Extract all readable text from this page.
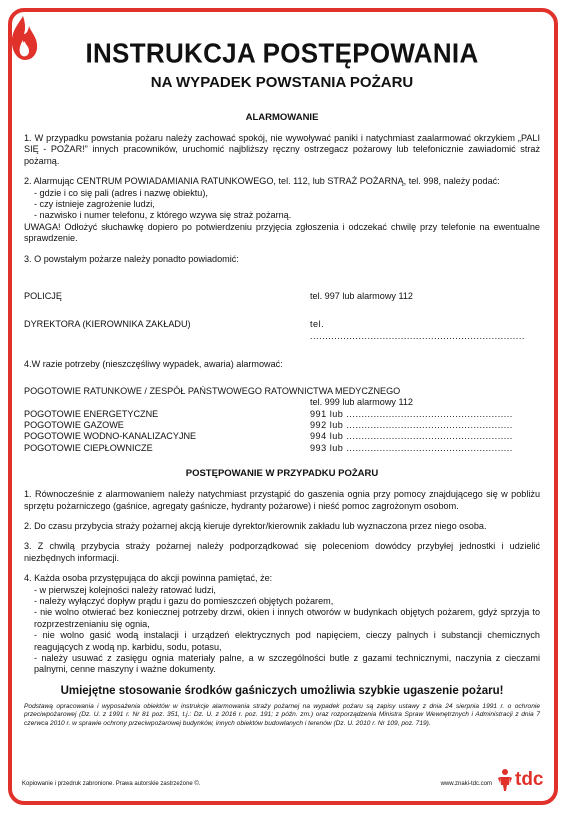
INSTRUKCJA POSTĘPOWANIA
NA WYPADEK POWSTANIA POŻARU
ALARMOWANIE

1. W przypadku powstania pożaru należy zachować spokój, nie wywoływać paniki i natychmiast zaalarmować okrzykiem „PALI SIĘ - POŻAR!” innych pracowników, uruchomić najbliższy ręczny ostrzegacz pożarowy lub telefonicznie zawiadomić straż pożarną.

2. Alarmując CENTRUM POWIADAMIANIA RATUNKOWEGO, tel. 112, lub STRAŻ POŻARNĄ, tel. 998, należy podać:

- gdzie i co się pali (adres i nazwę obiektu),

- czy istnieje zagrożenie ludzi,

- nazwisko i numer telefonu, z którego wzywa się straż pożarną.

UWAGA! Odłożyć słuchawkę dopiero po potwierdzeniu przyjęcia zgłoszenia i odczekać chwilę przy telefonie na ewentualne sprawdzenie.

3. O powstałym pożarze należy ponadto powiadomić:

POLICJĘ	tel. 997 lub alarmowy 112
DYREKTORA (KIEROWNIKA ZAKŁADU)	tel. .......................................................................

4.W razie potrzeby (nieszczęśliwy wypadek, awaria) alarmować:

POGOTOWIE RATUNKOWE / ZESPÓŁ PAŃSTWOWEGO RATOWNICTWA MEDYCZNEGO

tel. 999 lub alarmowy 112
POGOTOWIE ENERGETYCZNE	991 lub .......................................................
POGOTOWIE GAZOWE	992 lub .......................................................
POGOTOWIE WODNO-KANALIZACYJNE	994 lub .......................................................
POGOTOWIE CIEPŁOWNICZE	993 lub .......................................................
POSTĘPOWANIE W PRZYPADKU POŻARU

1. Równocześnie z alarmowaniem należy natychmiast przystąpić do gaszenia ognia przy pomocy znajdującego się w pobliżu sprzętu pożarniczego (gaśnice, agregaty gaśnicze, hydranty pożarowe) i nieść pomoc zagrożonym osobom.

2. Do czasu przybycia straży pożarnej akcją kieruje dyrektor/kierownik zakładu lub wyznaczona przez niego osoba.

3. Z chwilą przybycia straży pożarnej należy podporządkować się poleceniom dowódcy przybyłej jednostki i udzielić niezbędnych informacji.

4. Każda osoba przystępująca do akcji powinna pamiętać, że:

- w pierwszej kolejności należy ratować ludzi,

- należy wyłączyć dopływ prądu i gazu do pomieszczeń objętych pożarem,

- nie wolno otwierać bez koniecznej potrzeby drzwi, okien i innych otworów w budynkach objętych pożarem, gdyż sprzyja to rozprzestrzenianiu się ognia,

- nie wolno gasić wodą instalacji i urządzeń elektrycznych pod napięciem, cieczy palnych i substancji chemicznych reagujących z wodą np. karbidu, sodu, potasu,

- należy usuwać z zasięgu ognia materiały palne, a w szczególności butle z gazami technicznymi, naczynia z cieczami palnymi, cenne maszyny i ważne dokumenty.

Umiejętne stosowanie środków gaśniczych umożliwia szybkie ugaszenie pożaru!
Podstawą opracowania i wyposażenia obiektów w instrukcje alarmowania straży pożarnej na wypadek pożaru są zapisy ustawy z dnia 24 sierpnia 1991 r. o ochronie przeciwpożarowej (Dz. U. z 1991 r. Nr 81 poz. 351, t.j.: Dz. U. z 2016 r. poz. 191; z późn. zm.) oraz rozporządzenia Ministra Spraw Wewnętrznych i Administracji z dnia 7 czerwca 2010 r. w sprawie ochrony przeciwpożarowej budynków, innych obiektów budowlanych i terenów (Dz. U. 2010 r. Nr 109, poz. 719).
Kopiowanie i przedruk zabronione. Prawa autorskie zastrzeżone ©.	www.znaki-tdc.com tdc
